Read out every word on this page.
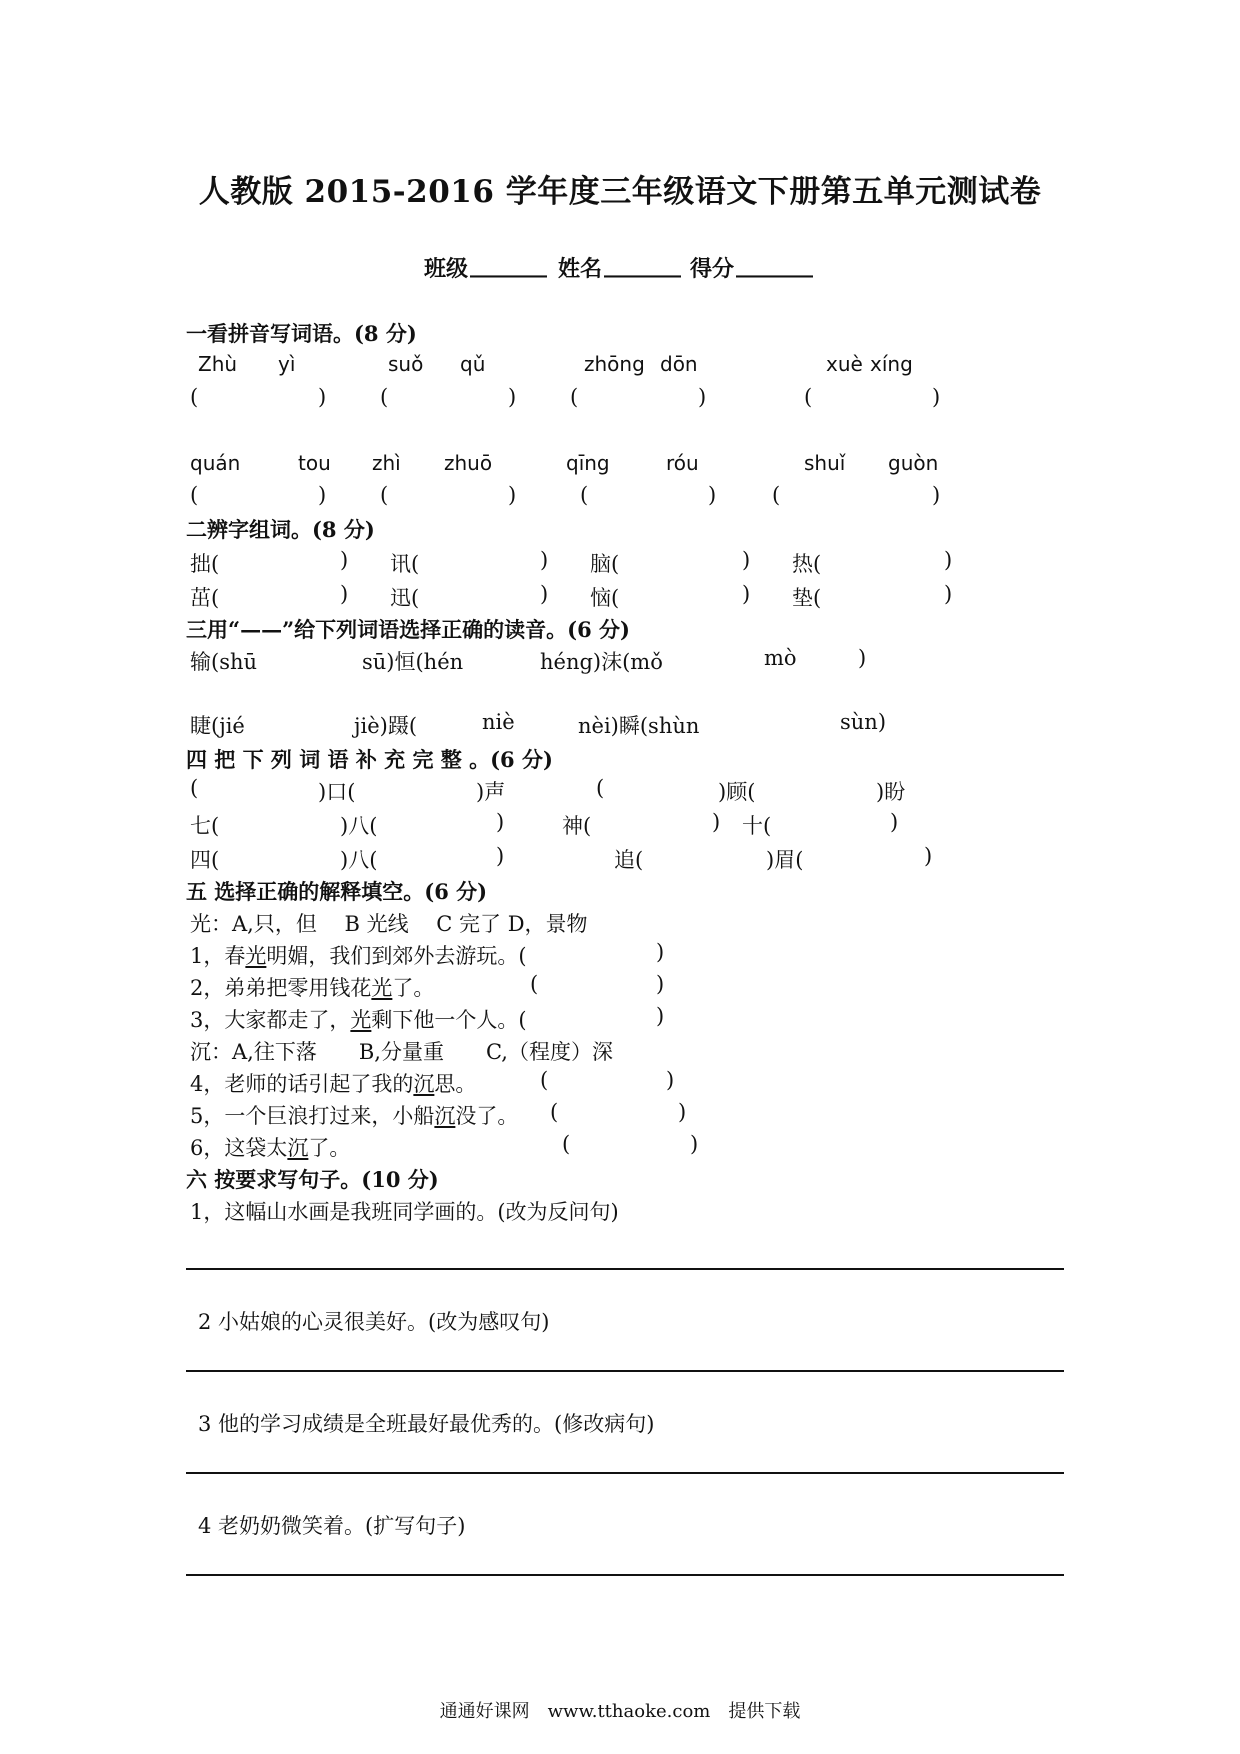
人教版 2015-2016 学年度三年级语文下册第五单元测试卷
班级 _______ 姓名 _______ 得分 _______
一看拼音写词语。(8 分)
Zhù yì	suǒ qǔ	zhōng dōn	xuè xíng
(	)	(	)	(	)	(	)
quán	tou zhì zhuō	qīng	róu	shuǐ guòn
(	)	(	)	(	)	(	)
二辨字组词。(8 分)
拙(	) 讯(	) 脑(	) 热(	)
茁(	) 迅(	) 恼(	) 垫(	)
三用“——”给下列词语选择正确的读音。(6 分)
输(shū	sū)恒(hén	héng)沫(mǒ	mò	)
睫(jié	jiè)蹑(	niè	nèi)瞬(shùn	sùn)
四 把 下 列 词 语 补 充 完 整 。(6 分)
(	)口(	)声	(	)顾(	)盼
七(	)八(	)	神(	) 十(	)
四(	)八(	)	追(	)眉(	)
五 选择正确的解释填空。(6 分)
光：A,只，但　 B 光线　 C 完了 D，景物
1，春光明媚，我们到郊外去游玩。(	)
2，弟弟把零用钱花光了。	(	)
3，大家都走了，光剩下他一个人。(	)
沉：A,往下落　　B,分量重　　C,（程度）深
4，老师的话引起了我的沉思。	(	)
5，一个巨浪打过来，小船沉没了。 (	)
6，这袋太沉了。	(	)
六 按要求写句子。(10 分)
1，这幅山水画是我班同学画的。(改为反问句)
2 小姑娘的心灵很美好。(改为感叹句)
3 他的学习成绩是全班最好最优秀的。(修改病句)
4 老奶奶微笑着。(扩写句子)
通通好课网　www.tthaoke.com　提供下载
